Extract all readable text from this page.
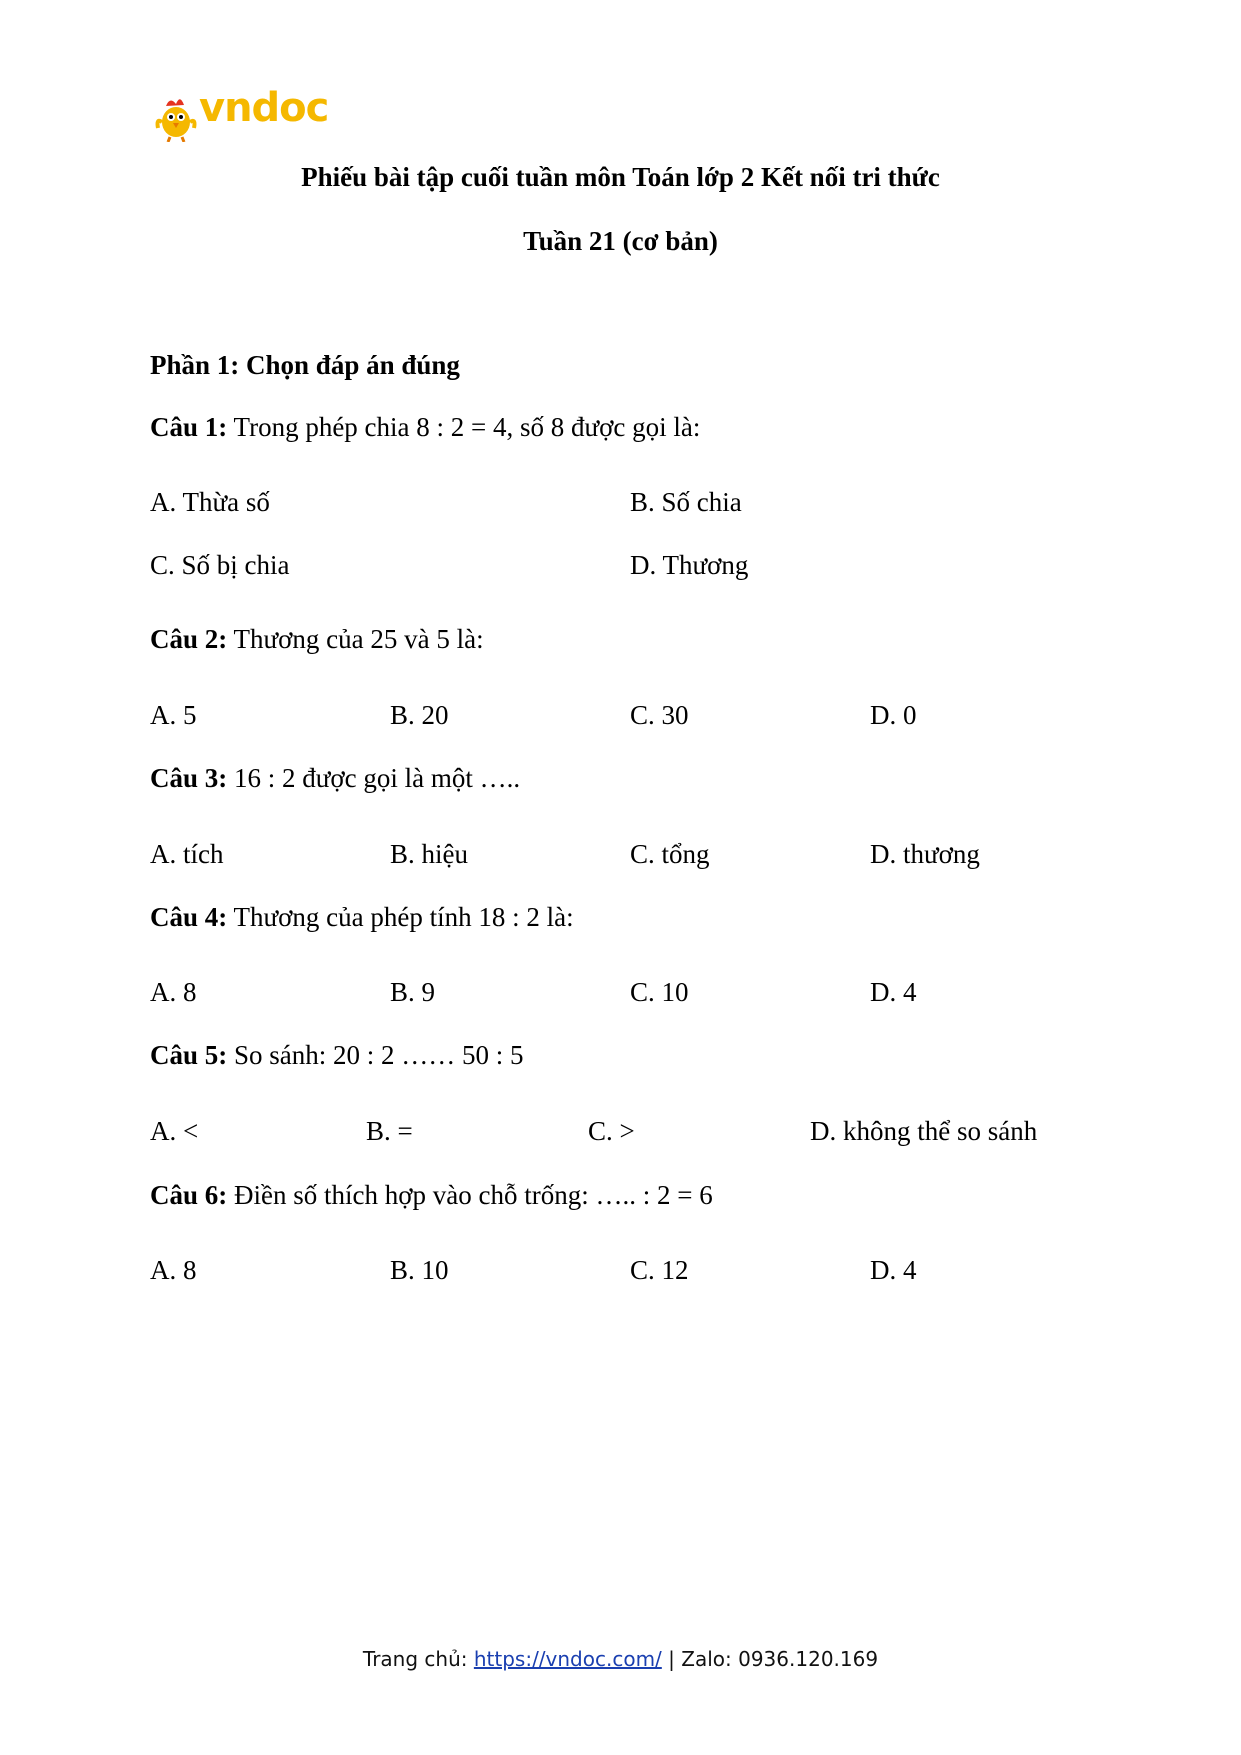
vndoc
Phiếu bài tập cuối tuần môn Toán lớp 2 Kết nối tri thức
Tuần 21 (cơ bản)
Phần 1: Chọn đáp án đúng
Câu 1: Trong phép chia 8 : 2 = 4, số 8 được gọi là:
A. Thừa số	B. Số chia
C. Số bị chia	D. Thương
Câu 2: Thương của 25 và 5 là:
A. 5	B. 20	C. 30	D. 0
Câu 3: 16 : 2 được gọi là một …..
A. tích	B. hiệu	C. tổng	D. thương
Câu 4: Thương của phép tính 18 : 2 là:
A. 8	B. 9	C. 10	D. 4
Câu 5: So sánh: 20 : 2 …… 50 : 5
A. <	B. =	C. >	D. không thể so sánh
Câu 6: Điền số thích hợp vào chỗ trống: ….. : 2 = 6
A. 8	B. 10	C. 12	D. 4
Trang chủ: https://vndoc.com/ | Zalo: 0936.120.169
